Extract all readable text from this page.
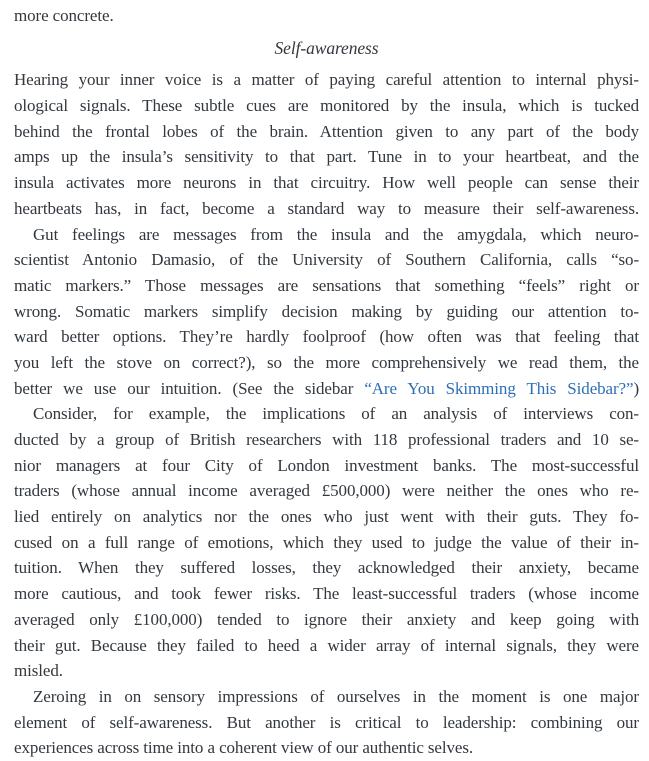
more concrete.
Self-awareness
Hearing your inner voice is a matter of paying careful attention to internal physi-
ological signals. These subtle cues are monitored by the insula, which is tucked
behind the frontal lobes of the brain. Attention given to any part of the body
amps up the insula’s sensitivity to that part. Tune in to your heartbeat, and the
insula activates more neurons in that circuitry. How well people can sense their
heartbeats has, in fact, become a standard way to measure their self-awareness.
Gut feelings are messages from the insula and the amygdala, which neuro-
scientist Antonio Damasio, of the University of Southern California, calls “so-
matic markers.” Those messages are sensations that something “feels” right or
wrong. Somatic markers simplify decision making by guiding our attention to-
ward better options. They’re hardly foolproof (how often was that feeling that
you left the stove on correct?), so the more comprehensively we read them, the
better we use our intuition. (See the sidebar “Are You Skimming This Sidebar?”)
Consider, for example, the implications of an analysis of interviews con-
ducted by a group of British researchers with 118 professional traders and 10 se-
nior managers at four City of London investment banks. The most-successful
traders (whose annual income averaged £500,000) were neither the ones who re-
lied entirely on analytics nor the ones who just went with their guts. They fo-
cused on a full range of emotions, which they used to judge the value of their in-
tuition. When they suffered losses, they acknowledged their anxiety, became
more cautious, and took fewer risks. The least-successful traders (whose income
averaged only £100,000) tended to ignore their anxiety and keep going with
their gut. Because they failed to heed a wider array of internal signals, they were
misled.
Zeroing in on sensory impressions of ourselves in the moment is one major
element of self-awareness. But another is critical to leadership: combining our
experiences across time into a coherent view of our authentic selves.
